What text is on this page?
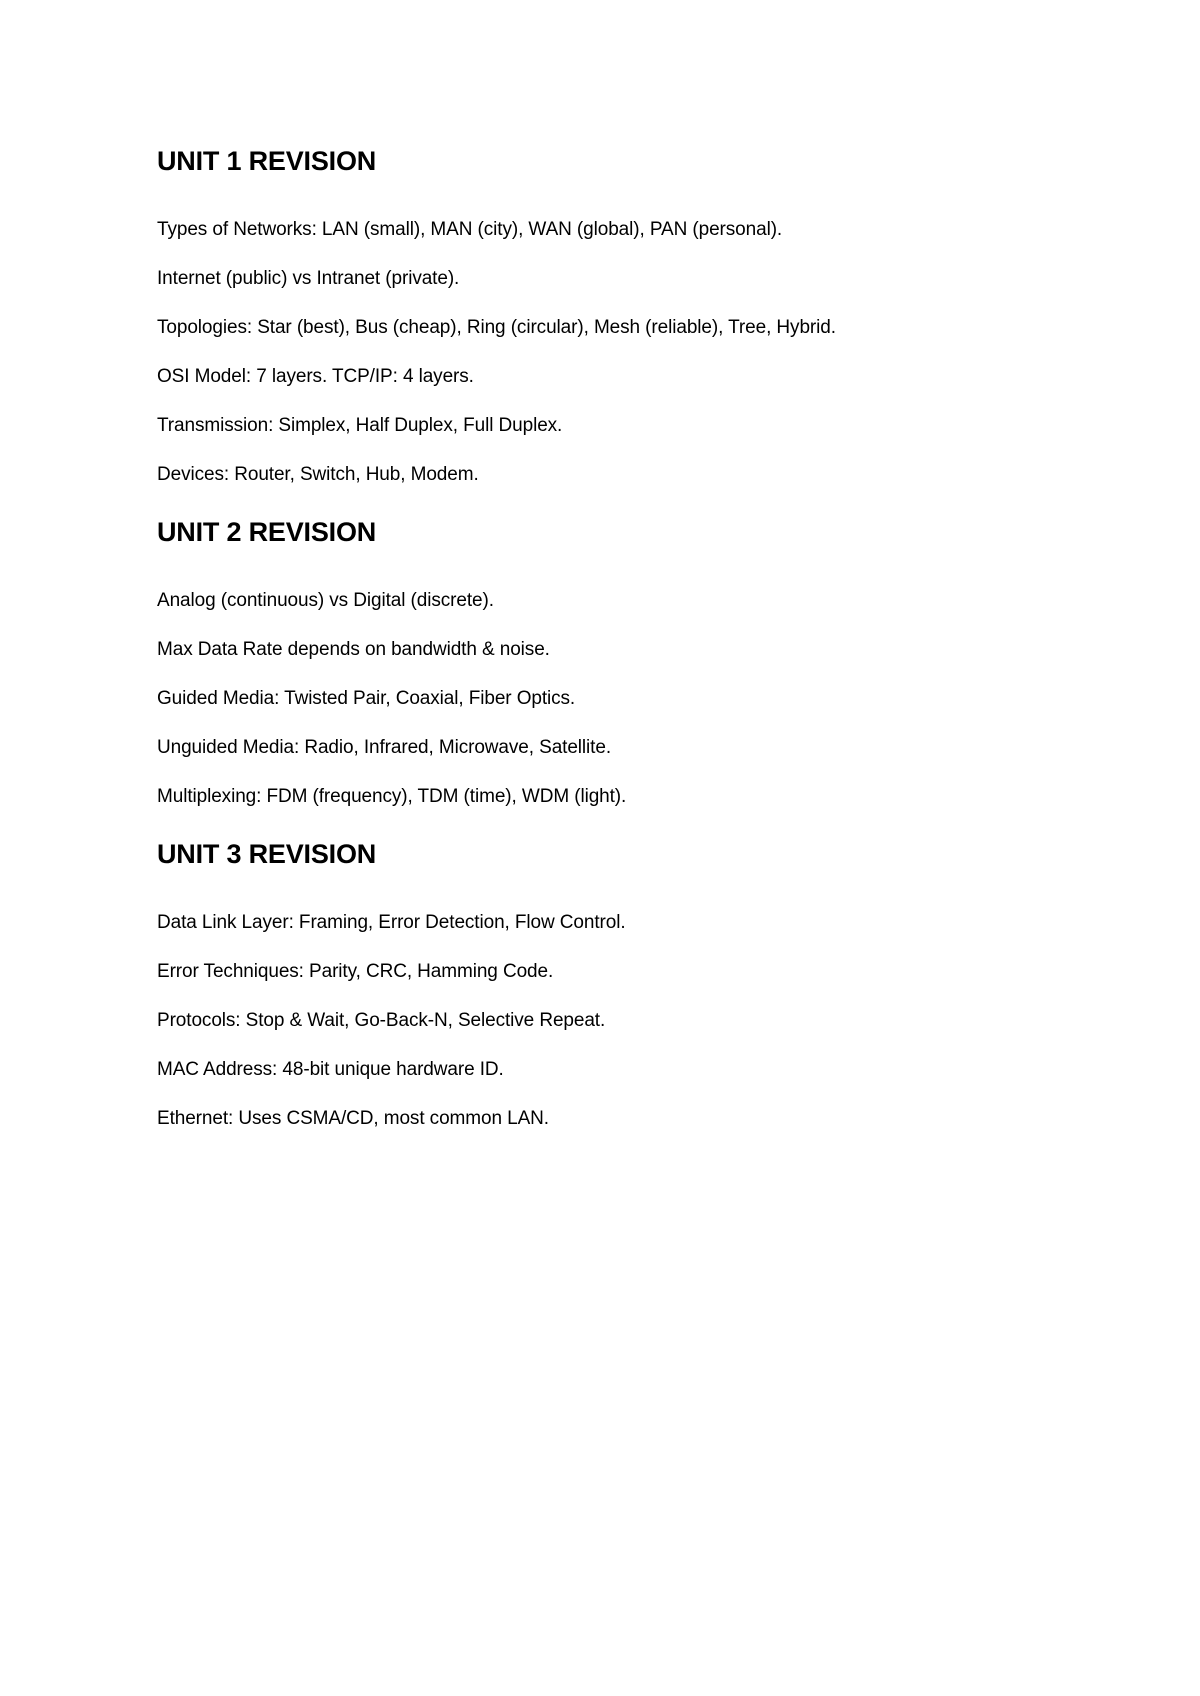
UNIT 1 REVISION
Types of Networks: LAN (small), MAN (city), WAN (global), PAN (personal).
Internet (public) vs Intranet (private).
Topologies: Star (best), Bus (cheap), Ring (circular), Mesh (reliable), Tree, Hybrid.
OSI Model: 7 layers. TCP/IP: 4 layers.
Transmission: Simplex, Half Duplex, Full Duplex.
Devices: Router, Switch, Hub, Modem.
UNIT 2 REVISION
Analog (continuous) vs Digital (discrete).
Max Data Rate depends on bandwidth & noise.
Guided Media: Twisted Pair, Coaxial, Fiber Optics.
Unguided Media: Radio, Infrared, Microwave, Satellite.
Multiplexing: FDM (frequency), TDM (time), WDM (light).
UNIT 3 REVISION
Data Link Layer: Framing, Error Detection, Flow Control.
Error Techniques: Parity, CRC, Hamming Code.
Protocols: Stop & Wait, Go-Back-N, Selective Repeat.
MAC Address: 48-bit unique hardware ID.
Ethernet: Uses CSMA/CD, most common LAN.
